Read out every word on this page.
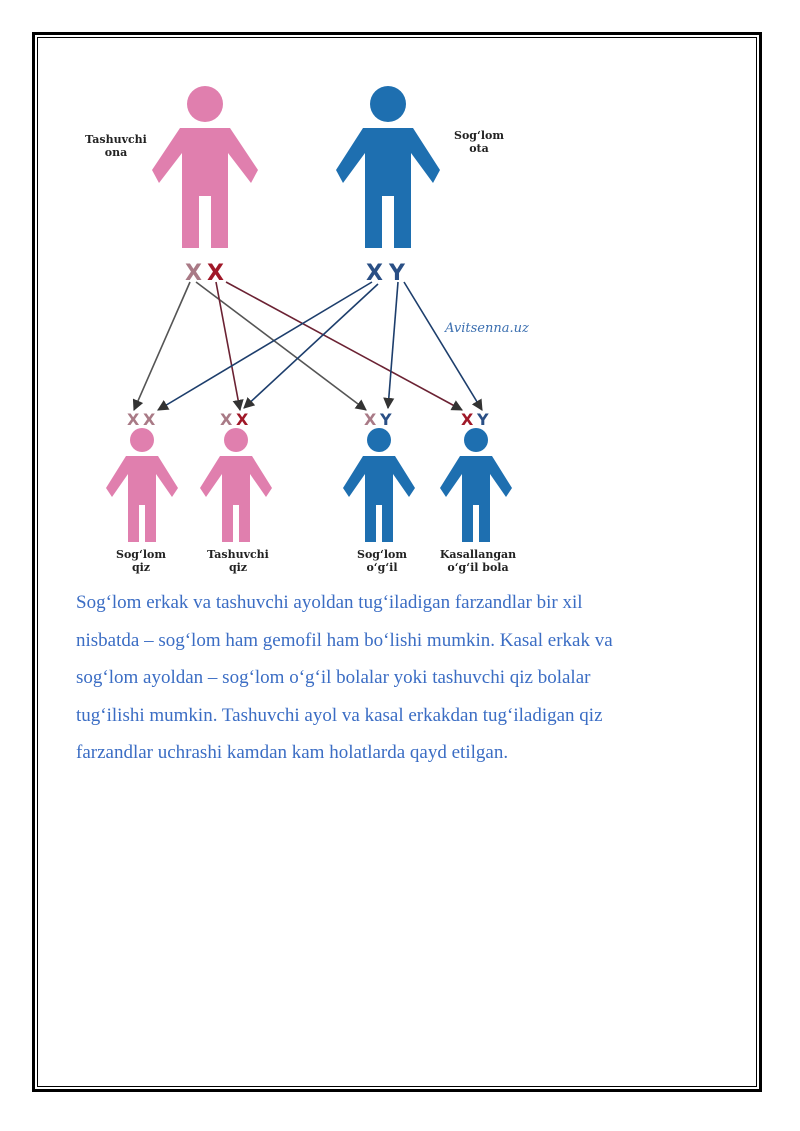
Tashuvchi
ona
Sog‘lom
ota
X X	X Y
Avitsenna.uz
X X
Sog‘lom
qiz
X X
Tashuvchi
qiz
X Y
Sog‘lom
o‘g‘il
X Y
Kasallangan
o‘g‘il bola

Sog‘lom erkak va tashuvchi ayoldan tug‘iladigan farzandlar bir xil
nisbatda – sog‘lom ham gemofil ham bo‘lishi mumkin. Kasal erkak va
sog‘lom ayoldan – sog‘lom o‘g‘il bolalar yoki tashuvchi qiz bolalar
tug‘ilishi mumkin. Tashuvchi ayol va kasal erkakdan tug‘iladigan qiz
farzandlar uchrashi kamdan kam holatlarda qayd etilgan.
